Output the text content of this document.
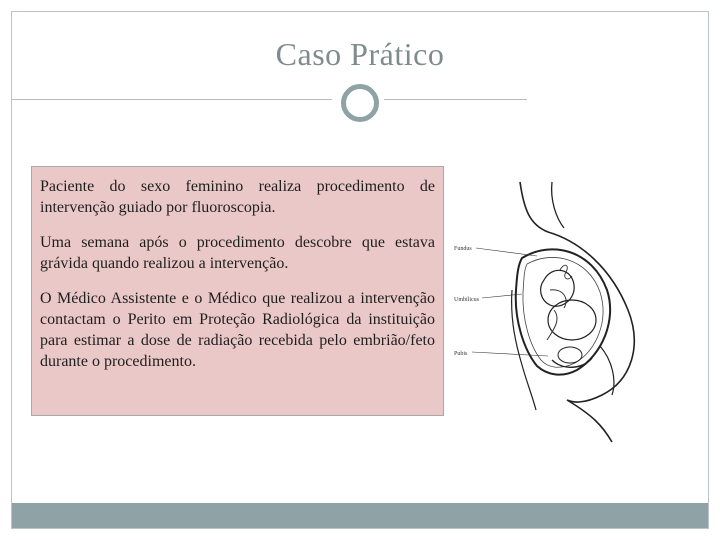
Caso Prático

Paciente do sexo feminino realiza procedimento de intervenção guiado por fluoroscopia.

Uma semana após o procedimento descobre que estava grávida quando realizou a intervenção.

O Médico Assistente e o Médico que realizou a intervenção contactam o Perito em Proteção Radiológica da instituição para estimar a dose de radiação recebida pelo embrião/feto durante o procedimento.

Fundus
Umbilicus
Pubis
